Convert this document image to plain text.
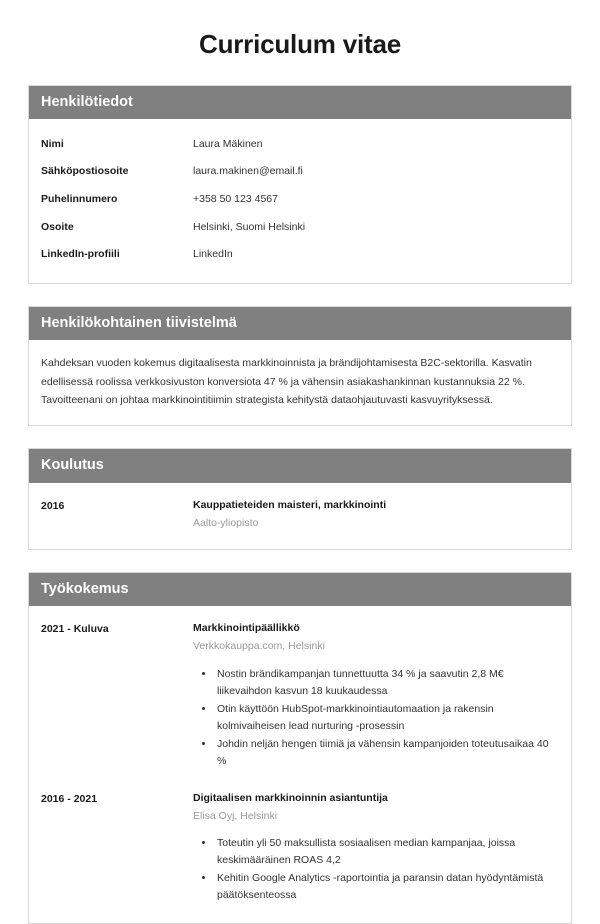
Curriculum vitae
Henkilötiedot
Nimi	Laura Mäkinen
Sähköpostiosoite	laura.makinen@email.fi
Puhelinnumero	+358 50 123 4567
Osoite	Helsinki, Suomi Helsinki
LinkedIn-profiili	LinkedIn
Henkilökohtainen tiivistelmä

Kahdeksan vuoden kokemus digitaalisesta markkinoinnista ja brändijohtamisesta B2C-sektorilla. Kasvatin edellisessä roolissa verkkosivuston konversiota 47 % ja vähensin asiakashankinnan kustannuksia 22 %. Tavoitteenani on johtaa markkinointitiimin strategista kehitystä dataohjautuvasti kasvuyrityksessä.

Koulutus
2016	Kauppatieteiden maisteri, markkinointi
Aalto-yliopisto
Työkokemus
2021 - Kuluva	Markkinointipäällikkö
Verkkokauppa.com, Helsinki
• Nostin brändikampanjan tunnettuutta 34 % ja saavutin 2,8 M€ liikevaihdon kasvun 18 kuukaudessa
• Otin käyttöön HubSpot-markkinointiautomaation ja rakensin kolmivaiheisen lead nurturing -prosessin
• Johdin neljän hengen tiimiä ja vähensin kampanjoiden toteutusaikaa 40 %
2016 - 2021	Digitaalisen markkinoinnin asiantuntija
Elisa Oyj, Helsinki
• Toteutin yli 50 maksullista sosiaalisen median kampanjaa, joissa keskimääräinen ROAS 4,2
• Kehitin Google Analytics -raportointia ja paransin datan hyödyntämistä päätöksenteossa
